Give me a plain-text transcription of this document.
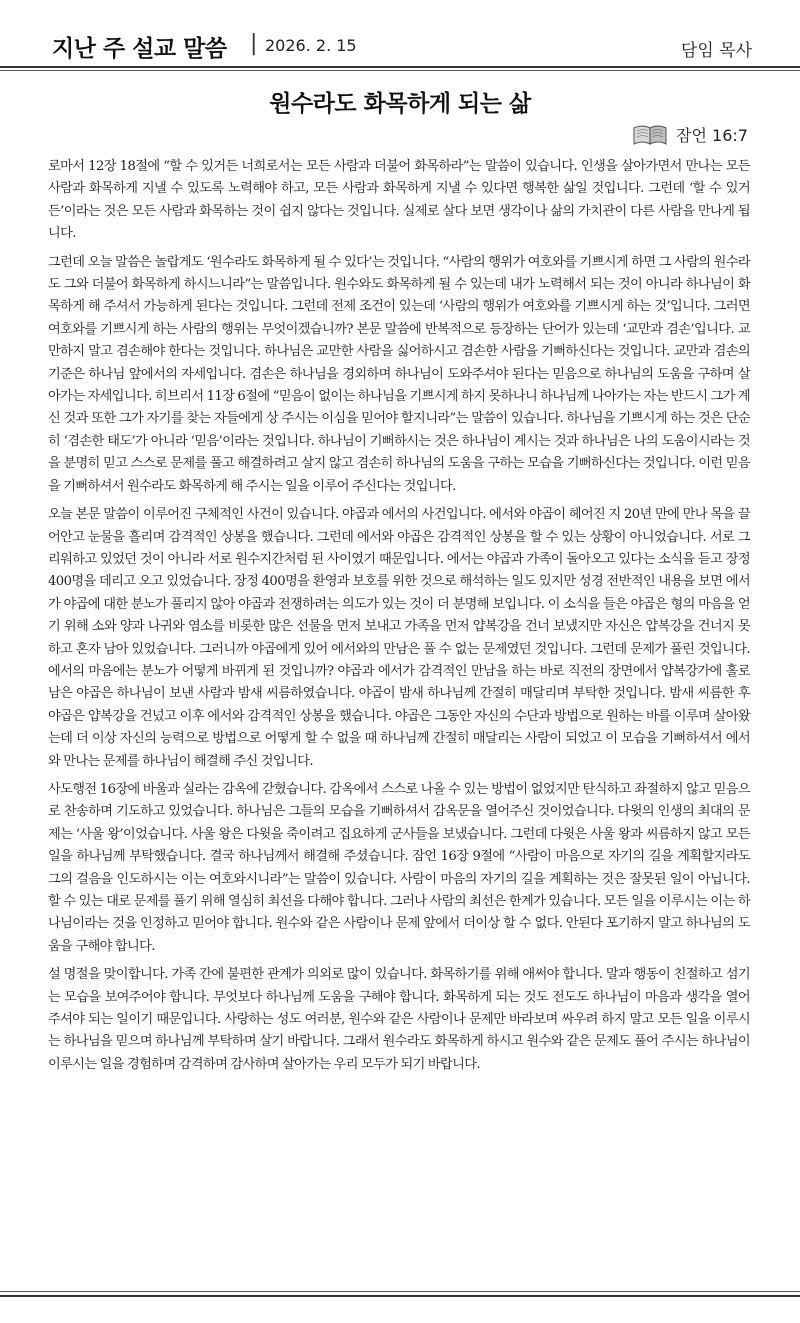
지난 주 설교 말씀 | 2026. 2. 15	담임 목사
원수라도 화목하게 되는 삶
잠언 16:7

로마서 12장 18절에 “할 수 있거든 너희로서는 모든 사람과 더불어 화목하라”는 말씀이 있습니다. 인생을 살아가면서 만나는 모든 사람과 화목하게 지낼 수 있도록 노력해야 하고, 모든 사람과 화목하게 지낼 수 있다면 행복한 삶일 것입니다. 그런데 ‘할 수 있거든’이라는 것은 모든 사람과 화목하는 것이 쉽지 않다는 것입니다. 실제로 살다 보면 생각이나 삶의 가치관이 다른 사람을 만나게 됩니다.

그런데 오늘 말씀은 놀랍게도 ‘원수라도 화목하게 될 수 있다’는 것입니다. “사람의 행위가 여호와를 기쁘시게 하면 그 사람의 원수라도 그와 더불어 화목하게 하시느니라”는 말씀입니다. 원수와도 화목하게 될 수 있는데 내가 노력해서 되는 것이 아니라 하나님이 화목하게 해 주셔서 가능하게 된다는 것입니다. 그런데 전제 조건이 있는데 ‘사람의 행위가 여호와를 기쁘시게 하는 것’입니다. 그러면 여호와를 기쁘시게 하는 사람의 행위는 무엇이겠습니까? 본문 말씀에 반복적으로 등장하는 단어가 있는데 ‘교만과 겸손’입니다. 교만하지 말고 겸손해야 한다는 것입니다. 하나님은 교만한 사람을 싫어하시고 겸손한 사람을 기뻐하신다는 것입니다. 교만과 겸손의 기준은 하나님 앞에서의 자세입니다. 겸손은 하나님을 경외하며 하나님이 도와주셔야 된다는 믿음으로 하나님의 도움을 구하며 살아가는 자세입니다. 히브리서 11장 6절에 “믿음이 없이는 하나님을 기쁘시게 하지 못하나니 하나님께 나아가는 자는 반드시 그가 계신 것과 또한 그가 자기를 찾는 자들에게 상 주시는 이심을 믿어야 할지니라”는 말씀이 있습니다. 하나님을 기쁘시게 하는 것은 단순히 ‘겸손한 태도’가 아니라 ‘믿음’이라는 것입니다. 하나님이 기뻐하시는 것은 하나님이 계시는 것과 하나님은 나의 도움이시라는 것을 분명히 믿고 스스로 문제를 풀고 해결하려고 살지 않고 겸손히 하나님의 도움을 구하는 모습을 기뻐하신다는 것입니다. 이런 믿음을 기뻐하셔서 원수라도 화목하게 해 주시는 일을 이루어 주신다는 것입니다.

오늘 본문 말씀이 이루어진 구체적인 사건이 있습니다. 야곱과 에서의 사건입니다. 에서와 야곱이 헤어진 지 20년 만에 만나 목을 끌어안고 눈물을 흘리며 감격적인 상봉을 했습니다. 그런데 에서와 야곱은 감격적인 상봉을 할 수 있는 상황이 아니었습니다. 서로 그리워하고 있었던 것이 아니라 서로 원수지간처럼 된 사이였기 때문입니다. 에서는 야곱과 가족이 돌아오고 있다는 소식을 듣고 장정 400명을 데리고 오고 있었습니다. 장정 400명을 환영과 보호를 위한 것으로 해석하는 일도 있지만 성경 전반적인 내용을 보면 에서가 야곱에 대한 분노가 풀리지 않아 야곱과 전쟁하려는 의도가 있는 것이 더 분명해 보입니다. 이 소식을 들은 야곱은 형의 마음을 얻기 위해 소와 양과 나귀와 염소를 비롯한 많은 선물을 먼저 보내고 가족을 먼저 얍복강을 건너 보냈지만 자신은 얍복강을 건너지 못하고 혼자 남아 있었습니다. 그러니까 야곱에게 있어 에서와의 만남은 풀 수 없는 문제였던 것입니다. 그런데 문제가 풀린 것입니다. 에서의 마음에는 분노가 어떻게 바뀌게 된 것입니까? 야곱과 에서가 감격적인 만남을 하는 바로 직전의 장면에서 얍복강가에 홀로 남은 야곱은 하나님이 보낸 사람과 밤새 씨름하였습니다. 야곱이 밤새 하나님께 간절히 매달리며 부탁한 것입니다. 밤새 씨름한 후 야곱은 얍복강을 건넜고 이후 에서와 감격적인 상봉을 했습니다. 야곱은 그동안 자신의 수단과 방법으로 원하는 바를 이루며 살아왔는데 더 이상 자신의 능력으로 방법으로 어떻게 할 수 없을 때 하나님께 간절히 매달리는 사람이 되었고 이 모습을 기뻐하셔서 에서와 만나는 문제를 하나님이 해결해 주신 것입니다.

사도행전 16장에 바울과 실라는 감옥에 갇혔습니다. 감옥에서 스스로 나올 수 있는 방법이 없었지만 탄식하고 좌절하지 않고 믿음으로 찬송하며 기도하고 있었습니다. 하나님은 그들의 모습을 기뻐하셔서 감옥문을 열어주신 것이었습니다. 다윗의 인생의 최대의 문제는 ‘사울 왕’이었습니다. 사울 왕은 다윗을 죽이려고 집요하게 군사들을 보냈습니다. 그런데 다윗은 사울 왕과 씨름하지 않고 모든 일을 하나님께 부탁했습니다. 결국 하나님께서 해결해 주셨습니다. 잠언 16장 9절에 “사람이 마음으로 자기의 길을 계획할지라도 그의 걸음을 인도하시는 이는 여호와시니라”는 말씀이 있습니다. 사람이 마음의 자기의 길을 계획하는 것은 잘못된 일이 아닙니다. 할 수 있는 대로 문제를 풀기 위해 열심히 최선을 다해야 합니다. 그러나 사람의 최선은 한계가 있습니다. 모든 일을 이루시는 이는 하나님이라는 것을 인정하고 믿어야 합니다. 원수와 같은 사람이나 문제 앞에서 더이상 할 수 없다. 안된다 포기하지 말고 하나님의 도움을 구해야 합니다.

설 명절을 맞이합니다. 가족 간에 불편한 관계가 의외로 많이 있습니다. 화목하기를 위해 애써야 합니다. 말과 행동이 친절하고 섬기는 모습을 보여주어야 합니다. 무엇보다 하나님께 도움을 구해야 합니다. 화목하게 되는 것도 전도도 하나님이 마음과 생각을 열어 주셔야 되는 일이기 때문입니다. 사랑하는 성도 여러분, 원수와 같은 사람이나 문제만 바라보며 싸우려 하지 말고 모든 일을 이루시는 하나님을 믿으며 하나님께 부탁하며 살기 바랍니다. 그래서 원수라도 화목하게 하시고 원수와 같은 문제도 풀어 주시는 하나님이 이루시는 일을 경험하며 감격하며 감사하며 살아가는 우리 모두가 되기 바랍니다.
